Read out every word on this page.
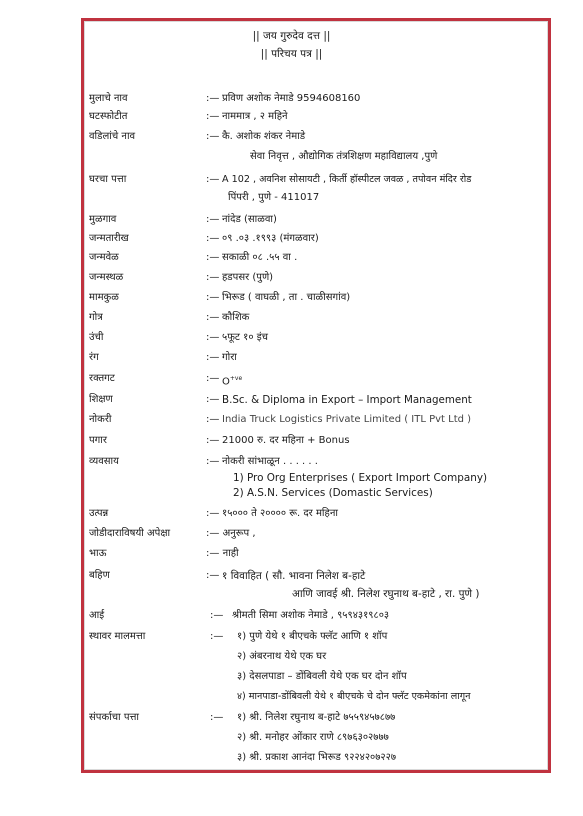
|| जय गुरुदेव दत्त ||
|| परिचय पत्र ||
मुलाचे नाव	:— प्रविण अशोक नेमाडे 9594608160
घटस्फोटीत	:— नाममात्र , २ महिने
वडिलांचे नाव	:— कै. अशोक शंकर नेमाडे
सेवा निवृत्त , औद्योगिक तंत्रशिक्षण महाविद्यालय ,पुणे
घरचा पत्ता	:— A 102 , अवनिश सोसायटी , किर्ती हॉस्पीटल जवळ , तपोवन मंदिर रोड
पिंपरी , पुणे - 411017
मुळगाव	:— नांदेड (साळवा)
जन्मतारीख	:— ०९ .०३ .१९९३ (मंगळवार)
जन्मवेळ	:— सकाळी ०८ .५५ वा .
जन्मस्थळ	:— हडपसर (पुणे)
मामकुळ	:— भिरूड ( वाघळी , ता . चाळीसगांव)
गोत्र	:— कौशिक
उंची	:— ५फूट १० इंच
रंग	:— गोरा
रक्तगट	:— $O^{+ve}$
शिक्षण	:— B.Sc. & Diploma in Export – Import Management
नोकरी	:— India Truck Logistics Private Limited ( ITL Pvt Ltd )
पगार	:— 21000 रु. दर महिना + Bonus
व्यवसाय	:— नोकरी सांभाळून . . . . . .
1) Pro Org Enterprises ( Export Import Company)
2) A.S.N. Services (Domastic Services)
उत्पन्न	:— १५००० ते २०००० रू. दर महिना
जोडीदाराविषयी अपेक्षा	:— अनुरूप ,
भाऊ	:— नाही
बहिण	:— १ विवाहित ( सौ. भावना निलेश ब-हाटे
आणि जावई श्री. निलेश रघुनाथ ब-हाटे , रा. पुणे )
आई	:— श्रीमती सिमा अशोक नेमाडे , ९५९४३१९८०३
स्थावर मालमत्ता	:— १) पुणे येथे १ बीएचके फ्लॅट आणि १ शॉप
२) अंबरनाथ येथे एक घर
३) देसलपाडा – डोंबिवली येथे एक घर दोन शॉप
४) मानपाडा-डोंबिवली येथे १ बीएचके चे दोन फ्लॅट एकमेकांना लागून
संपर्काचा पत्ता	:— १) श्री. निलेश रघुनाथ ब-हाटे ७५५९४५७८७७
२) श्री. मनोहर ओंकार राणे ८९७६३०२७७७
३) श्री. प्रकाश आनंदा भिरूड ९२२४२०७२२७
